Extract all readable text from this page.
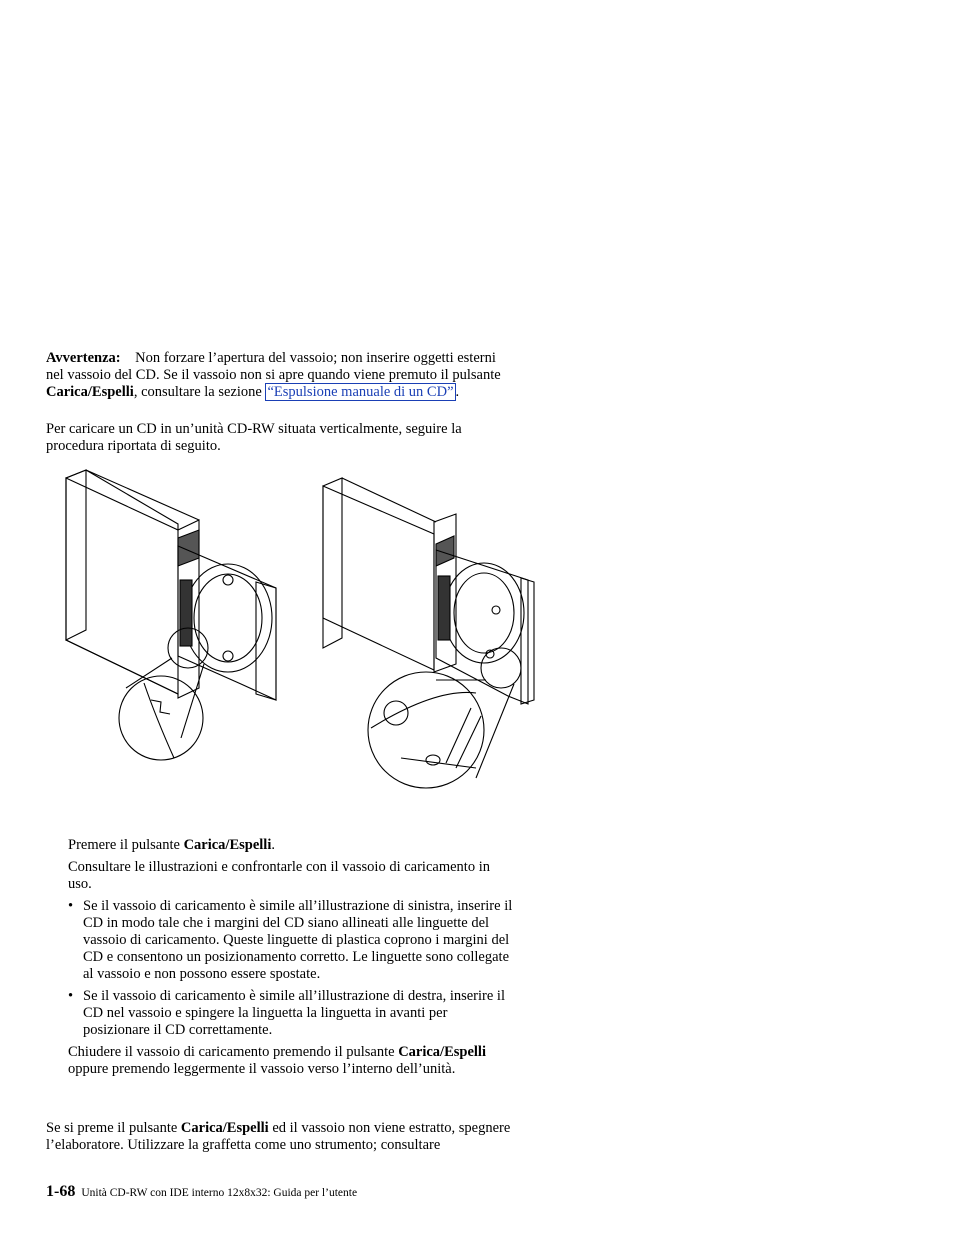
Avvertenza: Non forzare l’apertura del vassoio; non inserire oggetti esterni
nel vassoio del CD. Se il vassoio non si apre quando viene premuto il pulsante
Carica/Espelli, consultare la sezione “Espulsione manuale di un CD” .
Per caricare un CD in un’unità CD-RW situata verticalmente, seguire la
procedura riportata di seguito.
Premere il pulsante Carica/Espelli.
Consultare le illustrazioni e confrontarle con il vassoio di caricamento in
uso.
• Se il vassoio di caricamento è simile all’illustrazione di sinistra, inserire il
CD in modo tale che i margini del CD siano allineati alle linguette del
vassoio di caricamento. Queste linguette di plastica coprono i margini del
CD e consentono un posizionamento corretto. Le linguette sono collegate
al vassoio e non possono essere spostate.
• Se il vassoio di caricamento è simile all’illustrazione di destra, inserire il
CD nel vassoio e spingere la linguetta la linguetta in avanti per
posizionare il CD correttamente.
Chiudere il vassoio di caricamento premendo il pulsante Carica/Espelli
oppure premendo leggermente il vassoio verso l’interno dell’unità.
Se si preme il pulsante Carica/Espelli ed il vassoio non viene estratto, spegnere
l’elaboratore. Utilizzare la graffetta come uno strumento; consultare
1-68 Unità CD-RW con IDE interno 12x8x32: Guida per l’utente
